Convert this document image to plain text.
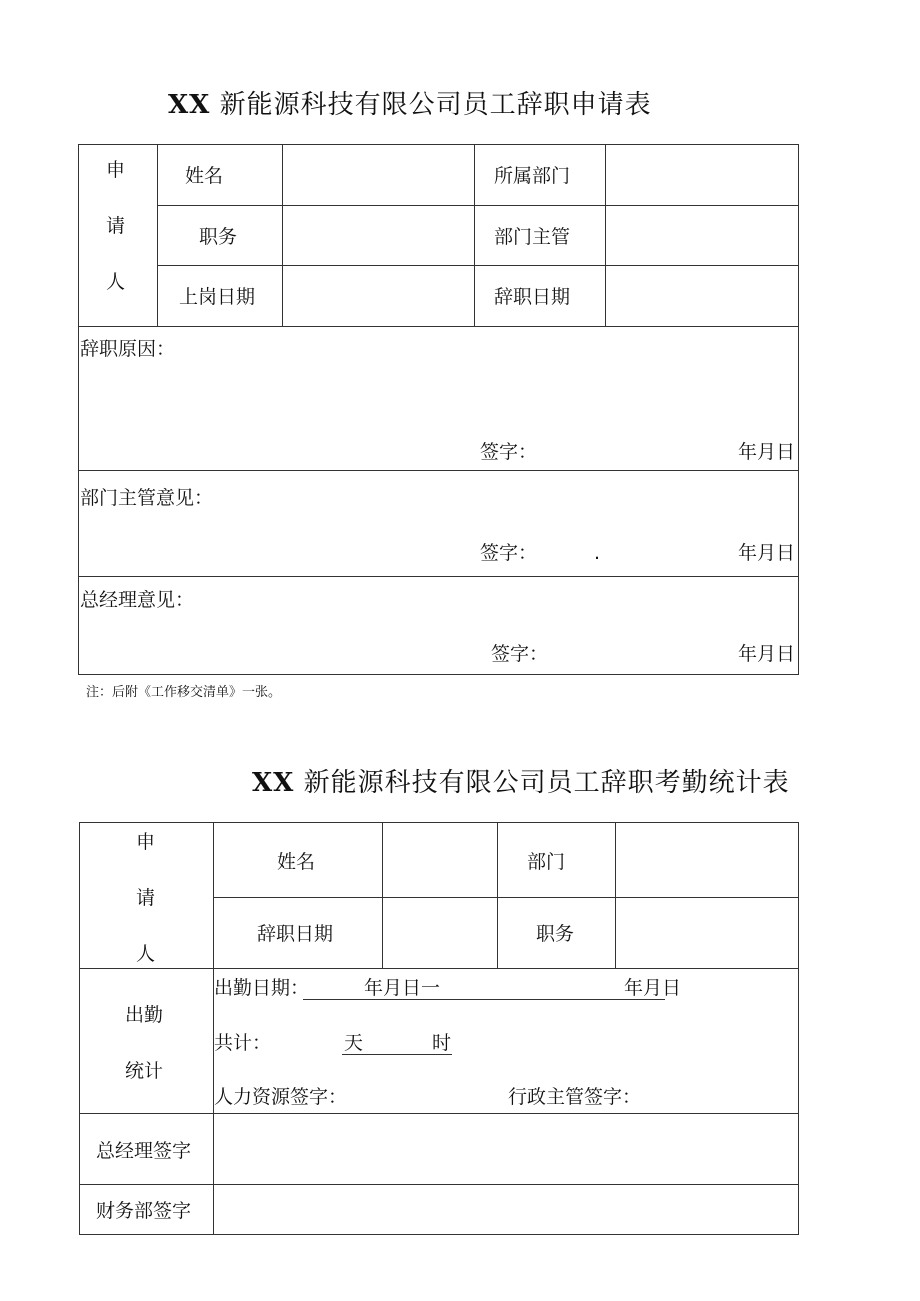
XX 新能源科技有限公司员工辞职申请表
申
请
人
姓名	所属部门
职务	部门主管
上岗日期	辞职日期
辞职原因：
签字：	年月日
部门主管意见：
签字：	.	年月日
总经理意见：
签字：	年月日
注：后附《工作移交清单》一张。
XX 新能源科技有限公司员工辞职考勤统计表
申
请
人
姓名	部门
辞职日期	职务
出勤
统计
出勤日期：	年月日一	年月日
共计：	天	时
人力资源签字：	行政主管签字：
总经理签字
财务部签字
